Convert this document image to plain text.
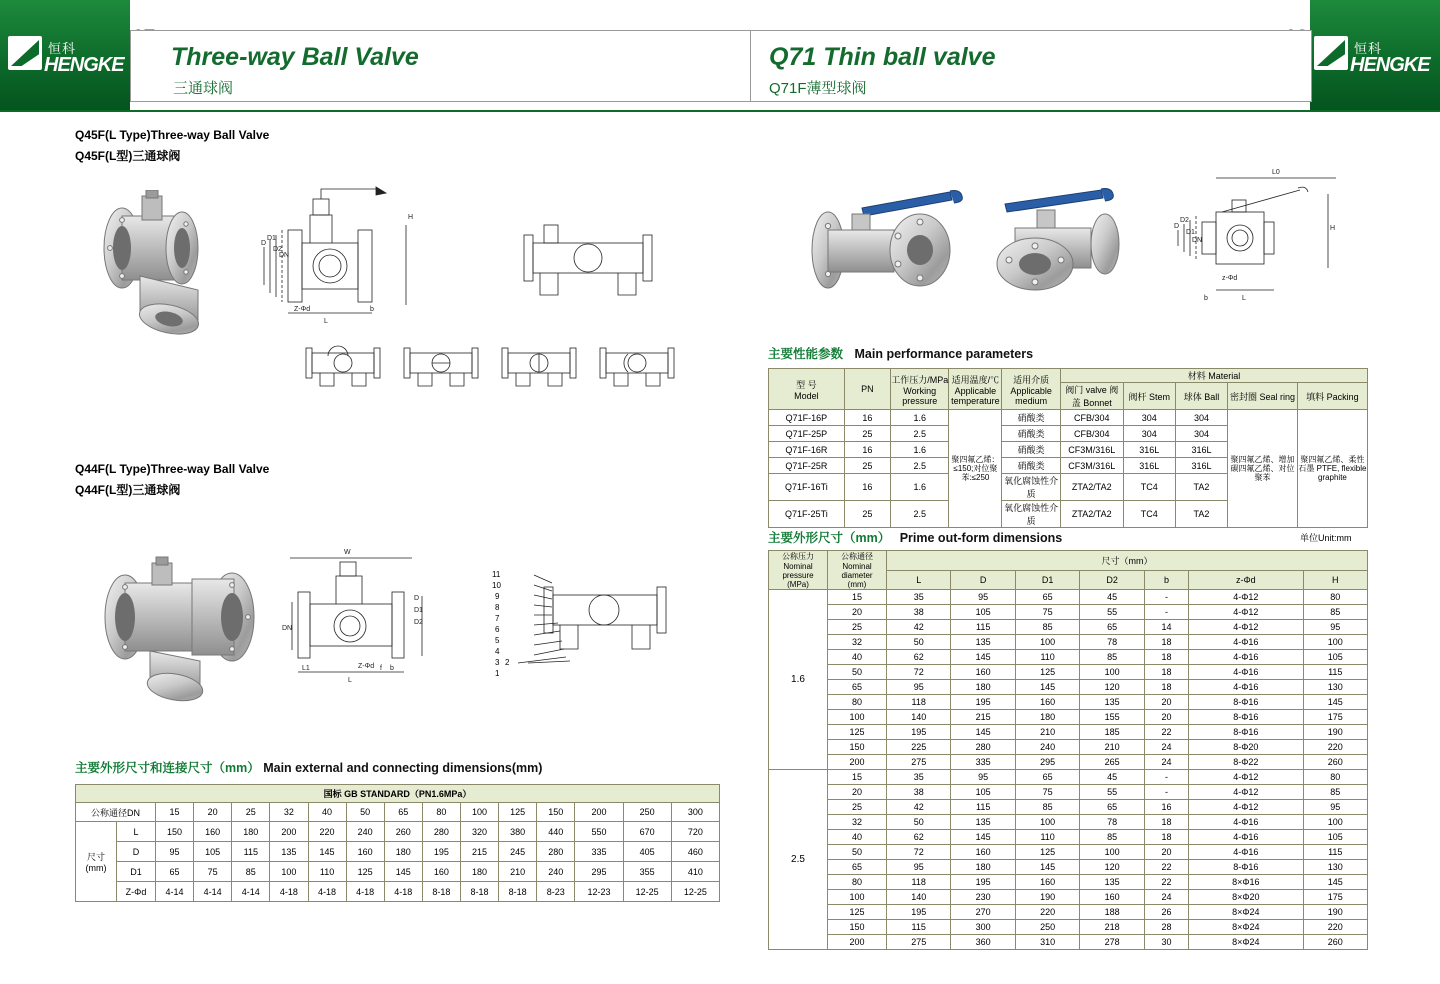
恒科
HENGKE
恒科
HENGKE
Three-way Ball Valve
三通球阀
Q71 Thin ball valve
Q71F薄型球阀
Q45F(L Type)Three-way Ball Valve
Q45F(L型)三通球阀
D
D1
D2
DN
L
Z-Φd
H
b
Q44F(L Type)Three-way Ball Valve
Q44F(L型)三通球阀
W
DN
L
L1
D
D1
D2
f b
Z-Φd
11
10
9
8
7
6
5
4
3 2
1
主要外形尺寸和连接尺寸（mm） Main external and connecting dimensions(mm)
国标 GB STANDARD（PN1.6MPa）															
公称通径DN		15	20	25	32	40	50	65	80	100	125	150	200	250	300
尺寸
(mm)	L	150	160	180	200	220	240	260	280	320	380	440	550	670	720
	D	95	105	115	135	145	160	180	195	215	245	280	335	405	460
	D1	65	75	85	100	110	125	145	160	180	210	240	295	355	410
	Z-Φd	4-14	4-14	4-14	4-18	4-18	4-18	4-18	8-18	8-18	8-18	8-23	12-23	12-25	12-25
L0
D
D2
D1
DN
H
z-Φd
L
b
主要性能参数 Main performance parameters
型 号
Model	PN	工作压力/MPa
Working pressure	适用温度/℃
Applicable temperature	适用介质
Applicable medium	材料 Material				
					阀门 valve 阀盖 Bonnet	阀杆 Stem	球体 Ball	密封圈 Seal ring	填料 Packing
Q71F-16P	16	1.6	聚四氟乙烯：≤150;对位聚苯:≤250	硝酸类	CFB/304	304	304	聚四氟乙烯、增加碳四氟乙烯、对位聚苯	聚四氟乙烯、柔性石墨 PTFE, flexible graphite
Q71F-25P	25	2.5		硝酸类	CFB/304	304	304		
Q71F-16R	16	1.6		硝酸类	CF3M/316L	316L	316L		
Q71F-25R	25	2.5		硝酸类	CF3M/316L	316L	316L		
Q71F-16Ti	16	1.6		氧化腐蚀性介质	ZTA2/TA2	TC4	TA2		
Q71F-25Ti	25	2.5		氧化腐蚀性介质	ZTA2/TA2	TC4	TA2		
主要外形尺寸（mm） Prime out-form dimensions	单位Unit:mm
公称压力
Nominal pressure
(MPa)	公称通径
Nominal diameter
(mm)	尺寸（mm）						
		L	D	D1	D2	b	z-Φd	H
1.6	15	35	95	65	45	-	4-Φ12	80
	20	38	105	75	55	-	4-Φ12	85
	25	42	115	85	65	14	4-Φ12	95
	32	50	135	100	78	18	4-Φ16	100
	40	62	145	110	85	18	4-Φ16	105
	50	72	160	125	100	18	4-Φ16	115
	65	95	180	145	120	18	4-Φ16	130
	80	118	195	160	135	20	8-Φ16	145
	100	140	215	180	155	20	8-Φ16	175
	125	195	145	210	185	22	8-Φ16	190
	150	225	280	240	210	24	8-Φ20	220
	200	275	335	295	265	24	8-Φ22	260
2.5	15	35	95	65	45	-	4-Φ12	80
	20	38	105	75	55	-	4-Φ12	85
	25	42	115	85	65	16	4-Φ12	95
	32	50	135	100	78	18	4-Φ16	100
	40	62	145	110	85	18	4-Φ16	105
	50	72	160	125	100	20	4-Φ16	115
	65	95	180	145	120	22	8-Φ16	130
	80	118	195	160	135	22	8×Φ16	145
	100	140	230	190	160	24	8×Φ20	175
	125	195	270	220	188	26	8×Φ24	190
	150	115	300	250	218	28	8×Φ24	220
	200	275	360	310	278	30	8×Φ24	260
